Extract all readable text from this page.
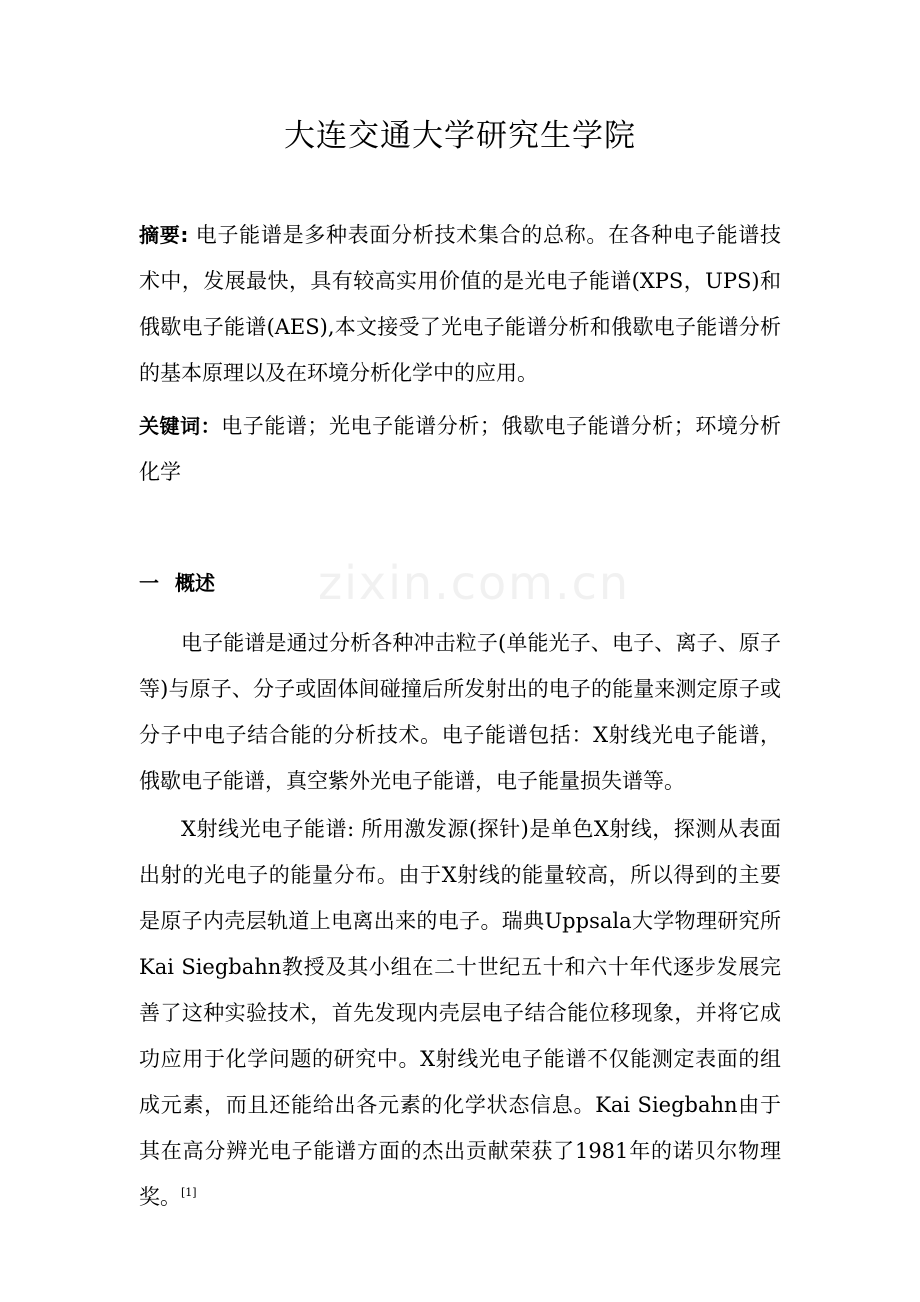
zixin.com.cn
大连交通大学研究生学院

摘要: 电子能谱是多种表面分析技术集合的总称。在各种电子能谱技术中，发展最快，具有较高实用价值的是光电子能谱(XPS，UPS)和俄歇电子能谱(AES),本文接受了光电子能谱分析和俄歇电子能谱分析的基本原理以及在环境分析化学中的应用。

关键词：电子能谱；光电子能谱分析；俄歇电子能谱分析；环境分析化学

一 概述

电子能谱是通过分析各种冲击粒子(单能光子、电子、离子、原子等)与原子、分子或固体间碰撞后所发射出的电子的能量来测定原子或分子中电子结合能的分析技术。电子能谱包括：X射线光电子能谱，俄歇电子能谱，真空紫外光电子能谱，电子能量损失谱等。

X射线光电子能谱: 所用激发源(探针)是单色X射线，探测从表面出射的光电子的能量分布。由于X射线的能量较高，所以得到的主要是原子内壳层轨道上电离出来的电子。瑞典Uppsala大学物理研究所Kai Siegbahn教授及其小组在二十世纪五十和六十年代逐步发展完善了这种实验技术，首先发现内壳层电子结合能位移现象，并将它成功应用于化学问题的研究中。X射线光电子能谱不仅能测定表面的组成元素，而且还能给出各元素的化学状态信息。Kai Siegbahn由于其在高分辨光电子能谱方面的杰出贡献荣获了1981年的诺贝尔物理奖。[1]
